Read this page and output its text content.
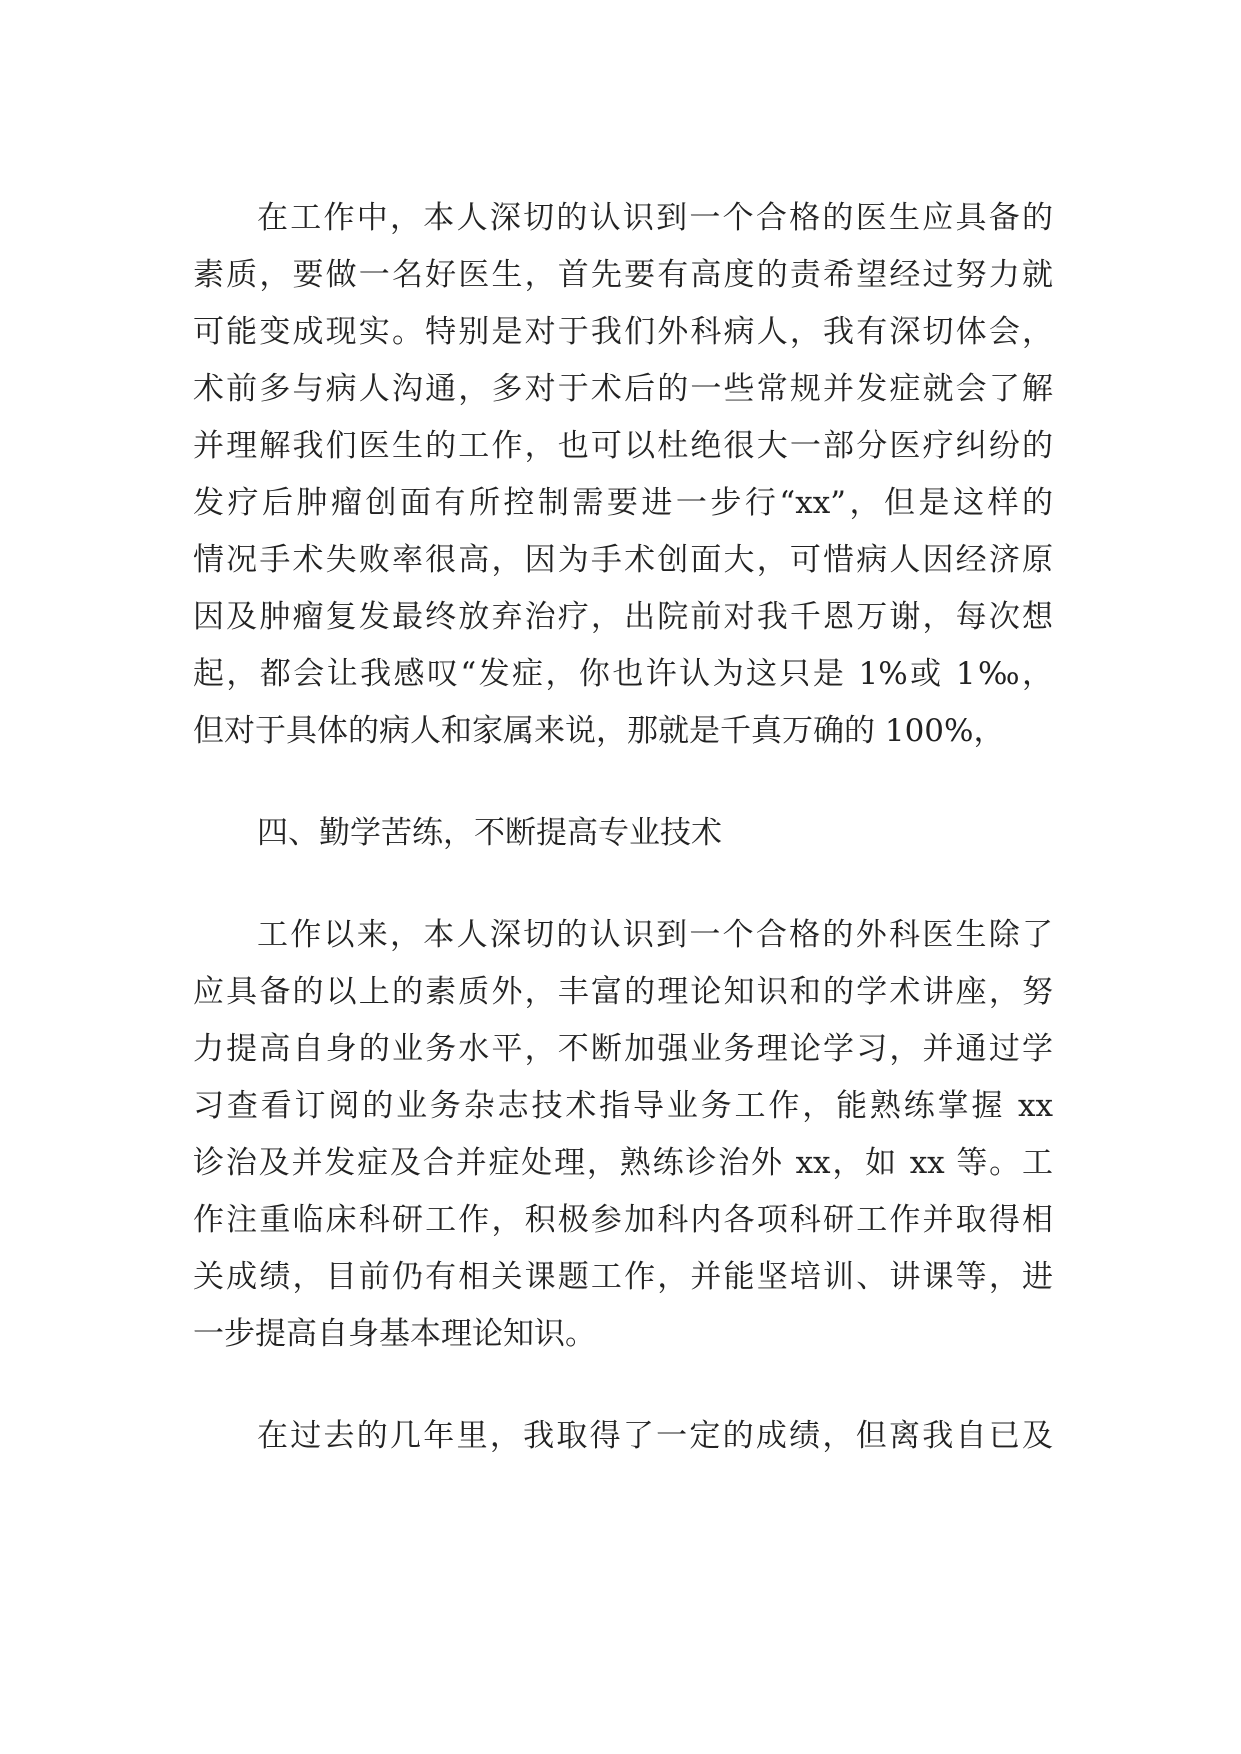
在工作中，本人深切的认识到一个合格的医生应具备的
素质，要做一名好医生，首先要有高度的责希望经过努力就
可能变成现实。特别是对于我们外科病人，我有深切体会，
术前多与病人沟通，多对于术后的一些常规并发症就会了解
并理解我们医生的工作，也可以杜绝很大一部分医疗纠纷的
发疗后肿瘤创面有所控制需要进一步行“xx”，但是这样的
情况手术失败率很高，因为手术创面大，可惜病人因经济原
因及肿瘤复发最终放弃治疗，出院前对我千恩万谢，每次想
起，都会让我感叹“发症，你也许认为这只是 1%或 1‰，
但对于具体的病人和家属来说，那就是千真万确的 100%，
四、勤学苦练，不断提高专业技术
工作以来，本人深切的认识到一个合格的外科医生除了
应具备的以上的素质外，丰富的理论知识和的学术讲座，努
力提高自身的业务水平，不断加强业务理论学习，并通过学
习查看订阅的业务杂志技术指导业务工作，能熟练掌握 xx
诊治及并发症及合并症处理，熟练诊治外 xx，如 xx 等。工
作注重临床科研工作，积极参加科内各项科研工作并取得相
关成绩，目前仍有相关课题工作，并能坚培训、讲课等，进
一步提高自身基本理论知识。
在过去的几年里，我取得了一定的成绩，但离我自已及
